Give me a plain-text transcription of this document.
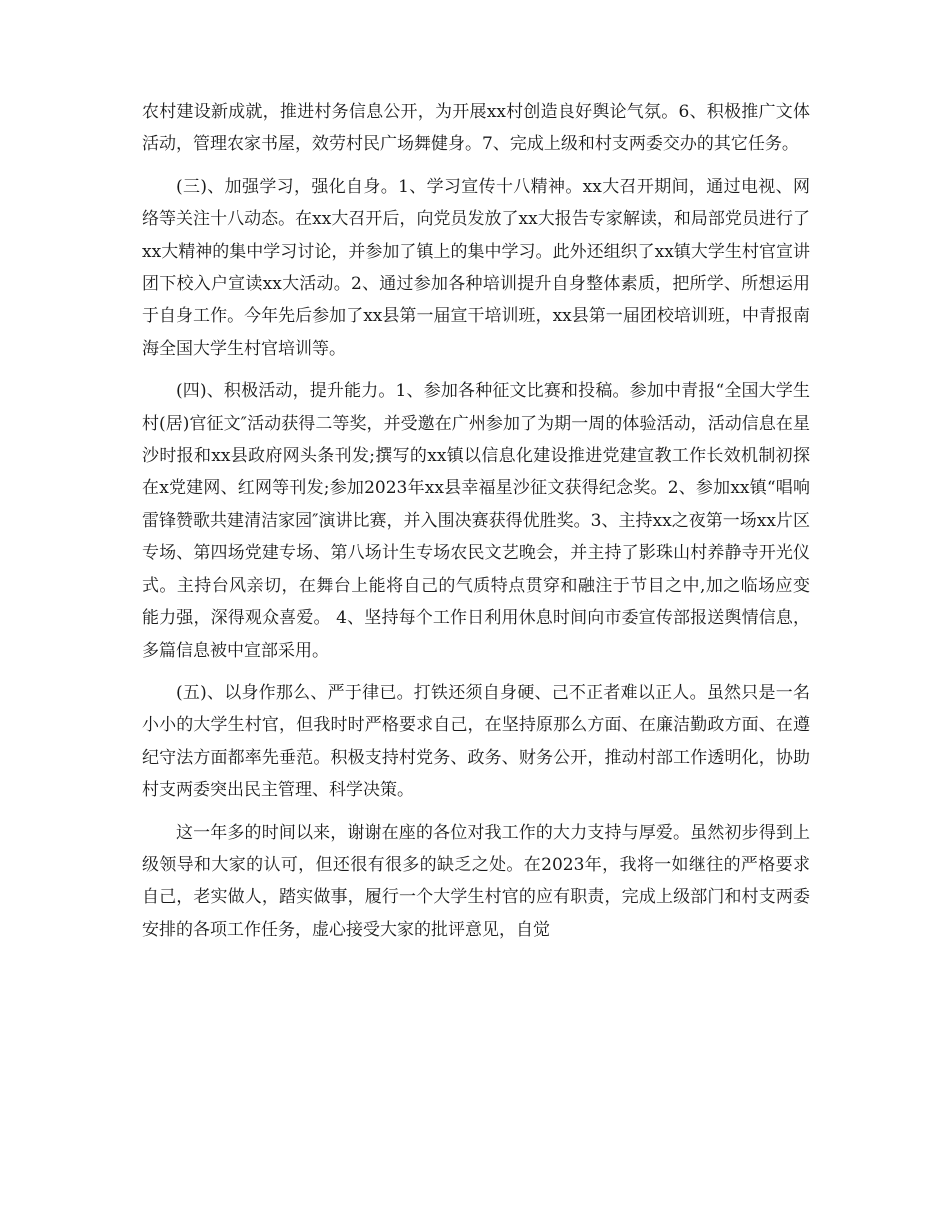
农村建设新成就，推进村务信息公开，为开展xx村创造良好舆论气氛。6、积极推广文体活动，管理农家书屋，效劳村民广场舞健身。7、完成上级和村支两委交办的其它任务。

(三)、加强学习，强化自身。1、学习宣传十八精神。xx大召开期间，通过电视、网络等关注十八动态。在xx大召开后，向党员发放了xx大报告专家解读，和局部党员进行了xx大精神的集中学习讨论，并参加了镇上的集中学习。此外还组织了xx镇大学生村官宣讲团下校入户宣读xx大活动。2、通过参加各种培训提升自身整体素质，把所学、所想运用于自身工作。今年先后参加了xx县第一届宣干培训班，xx县第一届团校培训班，中青报南海全国大学生村官培训等。

(四)、积极活动，提升能力。1、参加各种征文比赛和投稿。参加中青报“全国大学生村(居)官征文″活动获得二等奖，并受邀在广州参加了为期一周的体验活动，活动信息在星沙时报和xx县政府网头条刊发;撰写的xx镇以信息化建设推进党建宣教工作长效机制初探在x党建网、红网等刊发;参加2023年xx县幸福星沙征文获得纪念奖。2、参加xx镇“唱响雷锋赞歌共建清洁家园″演讲比赛，并入围决赛获得优胜奖。3、主持xx之夜第一场xx片区专场、第四场党建专场、第八场计生专场农民文艺晚会，并主持了影珠山村养静寺开光仪式。主持台风亲切，在舞台上能将自己的气质特点贯穿和融注于节目之中,加之临场应变能力强，深得观众喜爱。 4、坚持每个工作日利用休息时间向市委宣传部报送舆情信息，多篇信息被中宣部采用。

(五)、以身作那么、严于律已。打铁还须自身硬、己不正者难以正人。虽然只是一名小小的大学生村官，但我时时严格要求自己，在坚持原那么方面、在廉洁勤政方面、在遵纪守法方面都率先垂范。积极支持村党务、政务、财务公开，推动村部工作透明化，协助村支两委突出民主管理、科学决策。

这一年多的时间以来，谢谢在座的各位对我工作的大力支持与厚爱。虽然初步得到上级领导和大家的认可，但还很有很多的缺乏之处。在2023年，我将一如继往的严格要求自己，老实做人，踏实做事，履行一个大学生村官的应有职责，完成上级部门和村支两委安排的各项工作任务，虚心接受大家的批评意见，自觉
